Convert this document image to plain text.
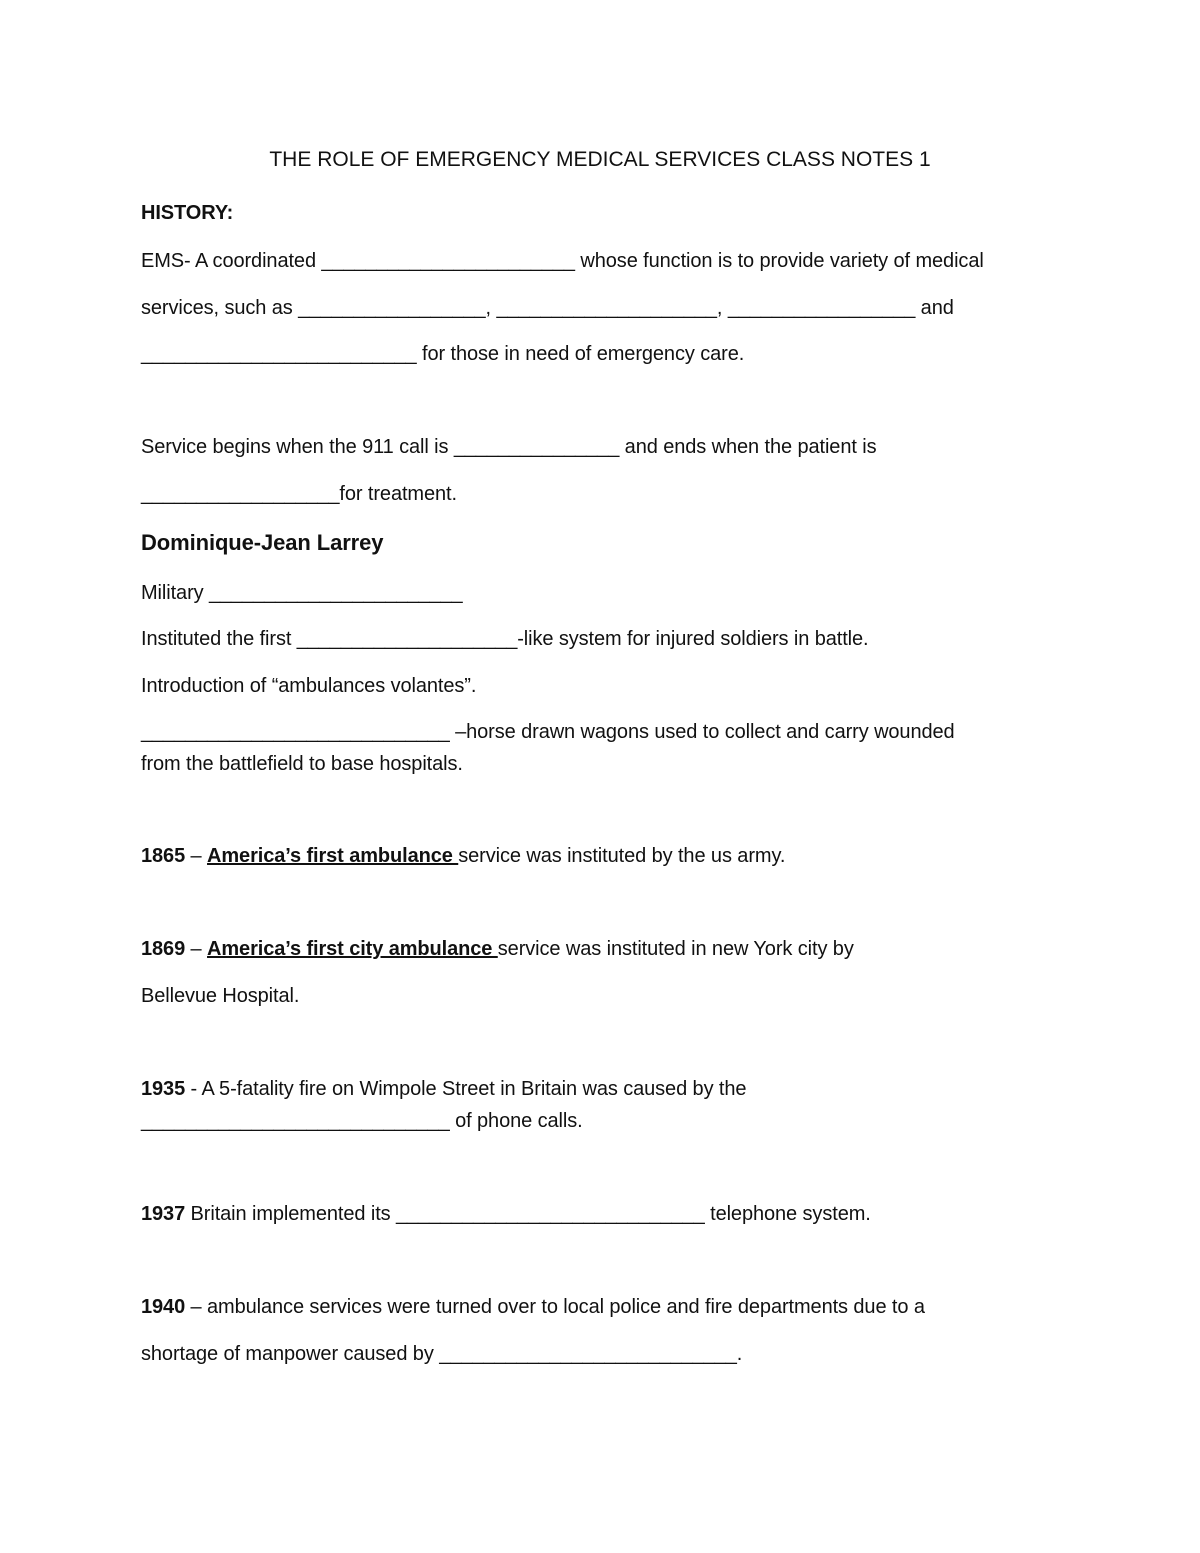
THE ROLE OF EMERGENCY MEDICAL SERVICES CLASS NOTES 1
HISTORY:
EMS- A coordinated _______________________ whose function is to provide variety of medical
services, such as _________________, ____________________, _________________ and
_________________________ for those in need of emergency care.
Service begins when the 911 call is _______________ and ends when the patient is
__________________for treatment.
Dominique-Jean Larrey
Military _______________________
Instituted the first ____________________-like system for injured soldiers in battle.
Introduction of “ambulances volantes”.
____________________________ –horse drawn wagons used to collect and carry wounded
from the battlefield to base hospitals.
1865 – America’s first ambulance service was instituted by the us army.
1869 – America’s first city ambulance service was instituted in new York city by
Bellevue Hospital.
1935 - A 5-fatality fire on Wimpole Street in Britain was caused by the
____________________________ of phone calls.
1937 Britain implemented its ____________________________ telephone system.
1940 – ambulance services were turned over to local police and fire departments due to a
shortage of manpower caused by ___________________________.
